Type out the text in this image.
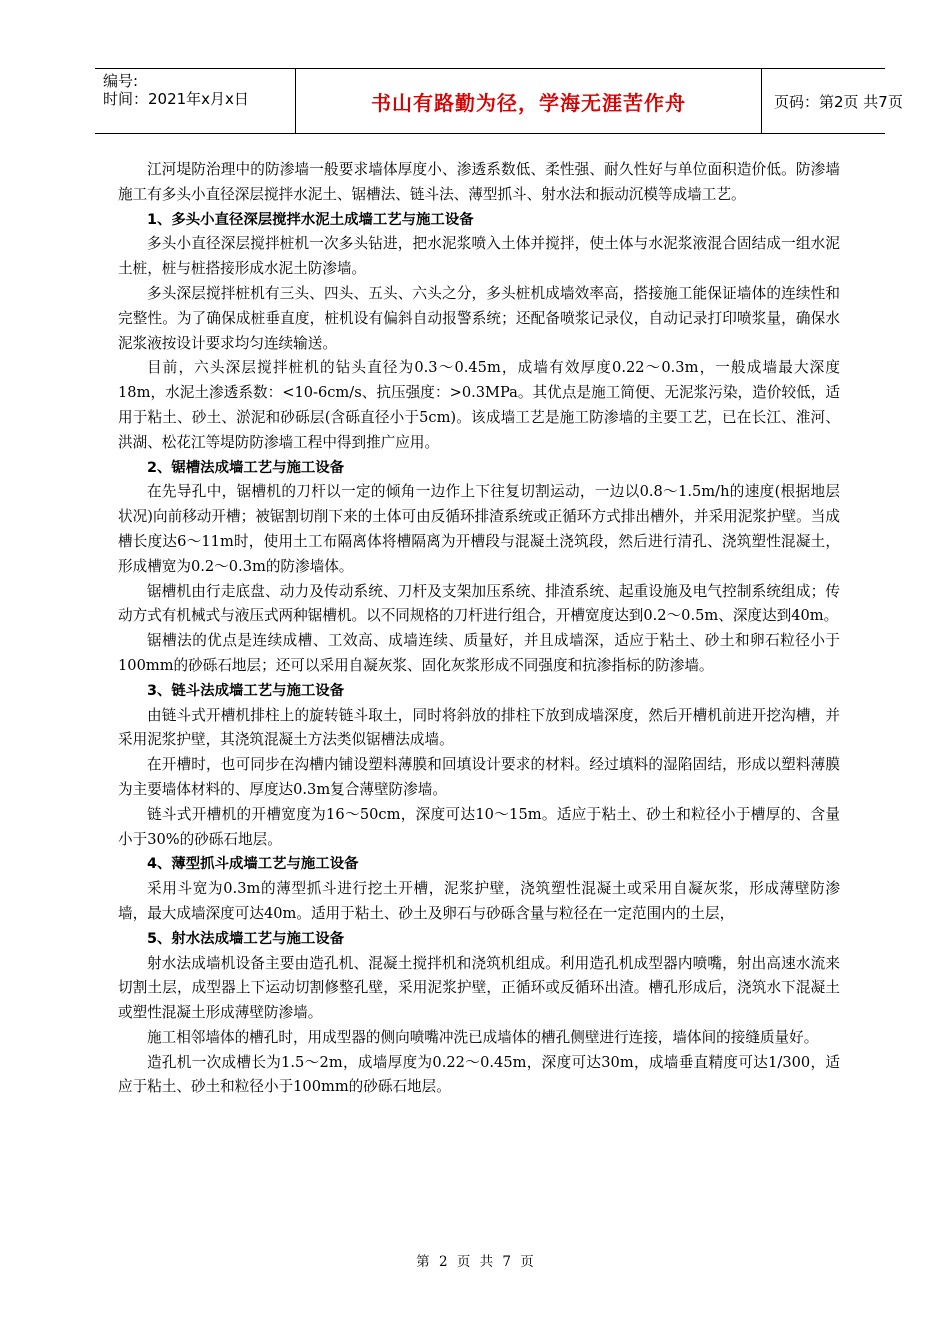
编号:
时间：2021年x月x日	书山有路勤为径，学海无涯苦作舟	页码：第2页 共7页

江河堤防治理中的防渗墙一般要求墙体厚度小、渗透系数低、柔性强、耐久性好与单位面积造价低。防渗墙施工有多头小直径深层搅拌水泥土、锯槽法、链斗法、薄型抓斗、射水法和振动沉模等成墙工艺。

1、多头小直径深层搅拌水泥土成墙工艺与施工设备

多头小直径深层搅拌桩机一次多头钻进，把水泥浆喷入土体并搅拌，使土体与水泥浆液混合固结成一组水泥土桩，桩与桩搭接形成水泥土防渗墙。

多头深层搅拌桩机有三头、四头、五头、六头之分，多头桩机成墙效率高，搭接施工能保证墙体的连续性和完整性。为了确保成桩垂直度，桩机设有偏斜自动报警系统；还配备喷浆记录仪，自动记录打印喷浆量，确保水泥浆液按设计要求均匀连续输送。

目前，六头深层搅拌桩机的钻头直径为0.3～0.45m，成墙有效厚度0.22～0.3m，一般成墙最大深度18m，水泥土渗透系数：<10-6cm/s、抗压强度：>0.3MPa。其优点是施工简便、无泥浆污染，造价较低，适用于粘土、砂土、淤泥和砂砾层(含砾直径小于5cm)。该成墙工艺是施工防渗墙的主要工艺，已在长江、淮河、洪湖、松花江等堤防防渗墙工程中得到推广应用。

2、锯槽法成墙工艺与施工设备

在先导孔中，锯槽机的刀杆以一定的倾角一边作上下往复切割运动，一边以0.8～1.5m/h的速度(根据地层状况)向前移动开槽；被锯割切削下来的土体可由反循环排渣系统或正循环方式排出槽外，并采用泥浆护壁。当成槽长度达6～11m时，使用土工布隔离体将槽隔离为开槽段与混凝土浇筑段，然后进行清孔、浇筑塑性混凝土，形成槽宽为0.2～0.3m的防渗墙体。

锯槽机由行走底盘、动力及传动系统、刀杆及支架加压系统、排渣系统、起重设施及电气控制系统组成；传动方式有机械式与液压式两种锯槽机。以不同规格的刀杆进行组合，开槽宽度达到0.2～0.5m、深度达到40m。

锯槽法的优点是连续成槽、工效高、成墙连续、质量好，并且成墙深，适应于粘土、砂土和卵石粒径小于100mm的砂砾石地层；还可以采用自凝灰浆、固化灰浆形成不同强度和抗渗指标的防渗墙。

3、链斗法成墙工艺与施工设备

由链斗式开槽机排柱上的旋转链斗取土，同时将斜放的排柱下放到成墙深度，然后开槽机前进开挖沟槽，并采用泥浆护壁，其浇筑混凝土方法类似锯槽法成墙。

在开槽时，也可同步在沟槽内铺设塑料薄膜和回填设计要求的材料。经过填料的湿陷固结，形成以塑料薄膜为主要墙体材料的、厚度达0.3m复合薄壁防渗墙。

链斗式开槽机的开槽宽度为16～50cm，深度可达10～15m。适应于粘土、砂土和粒径小于槽厚的、含量小于30%的砂砾石地层。

4、薄型抓斗成墙工艺与施工设备

采用斗宽为0.3m的薄型抓斗进行挖土开槽，泥浆护壁，浇筑塑性混凝土或采用自凝灰浆，形成薄壁防渗墙，最大成墙深度可达40m。适用于粘土、砂土及卵石与砂砾含量与粒径在一定范围内的土层，

5、射水法成墙工艺与施工设备

射水法成墙机设备主要由造孔机、混凝土搅拌机和浇筑机组成。利用造孔机成型器内喷嘴，射出高速水流来切割土层，成型器上下运动切割修整孔壁，采用泥浆护壁，正循环或反循环出渣。槽孔形成后，浇筑水下混凝土或塑性混凝土形成薄壁防渗墙。

施工相邻墙体的槽孔时，用成型器的侧向喷嘴冲洗已成墙体的槽孔侧壁进行连接，墙体间的接缝质量好。

造孔机一次成槽长为1.5～2m，成墙厚度为0.22～0.45m，深度可达30m，成墙垂直精度可达1/300，适应于粘土、砂土和粒径小于100mm的砂砾石地层。

第 2 页 共 7 页
